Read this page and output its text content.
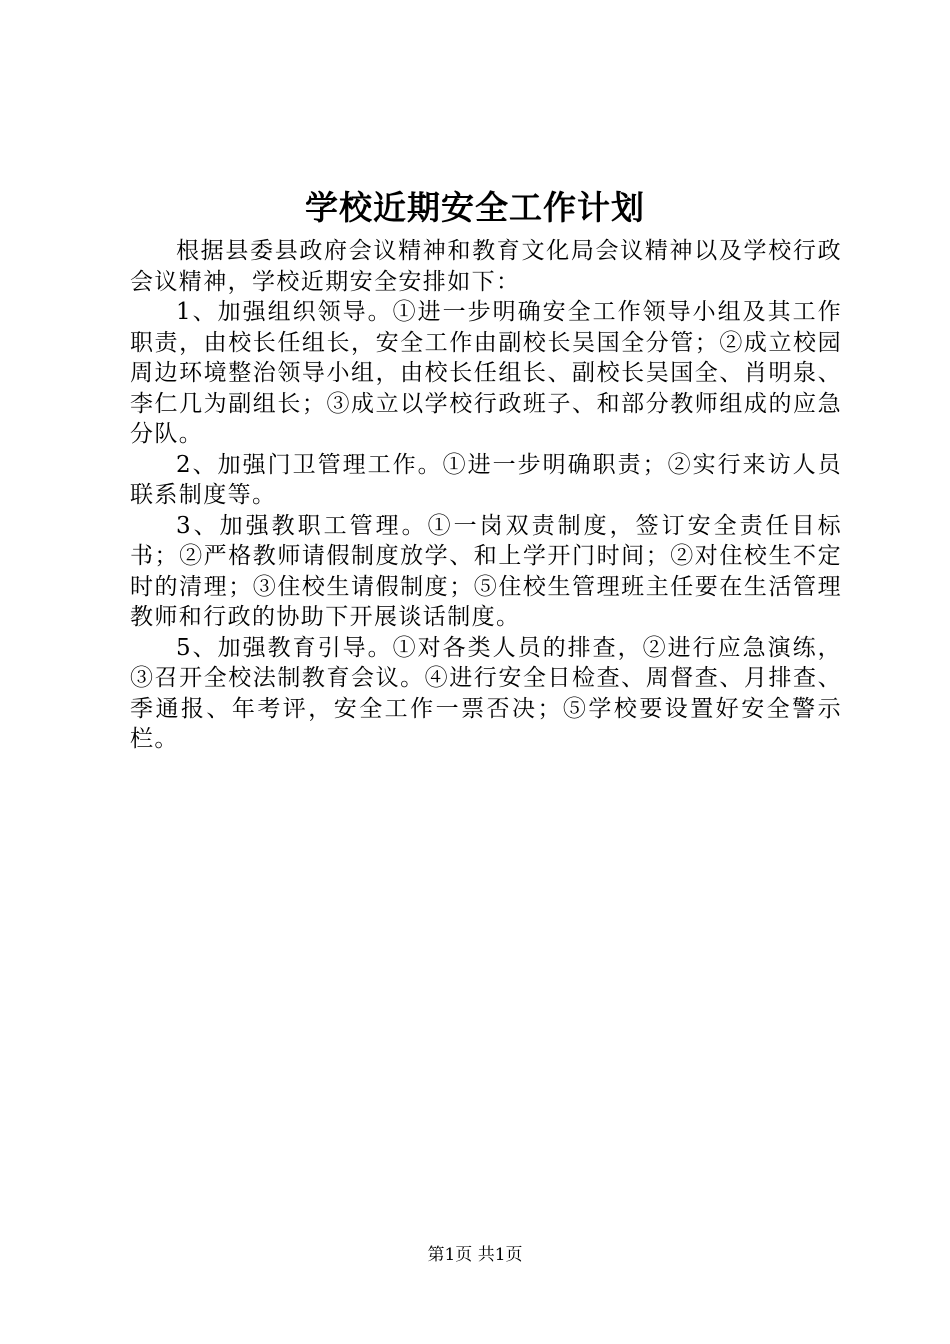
学校近期安全工作计划

根据县委县政府会议精神和教育文化局会议精神以及学校行政会议精神，学校近期安全安排如下：

1、加强组织领导。①进一步明确安全工作领导小组及其工作职责，由校长任组长，安全工作由副校长吴国全分管；②成立校园周边环境整治领导小组，由校长任组长、副校长吴国全、肖明泉、李仁几为副组长；③成立以学校行政班子、和部分教师组成的应急分队。

2、加强门卫管理工作。①进一步明确职责；②实行来访人员联系制度等。

3、加强教职工管理。①一岗双责制度，签订安全责任目标书；②严格教师请假制度放学、和上学开门时间；②对住校生不定时的清理；③住校生请假制度；⑤住校生管理班主任要在生活管理教师和行政的协助下开展谈话制度。

5、加强教育引导。①对各类人员的排查，②进行应急演练，③召开全校法制教育会议。④进行安全日检查、周督查、月排查、季通报、年考评，安全工作一票否决；⑤学校要设置好安全警示栏。

第1页 共1页
